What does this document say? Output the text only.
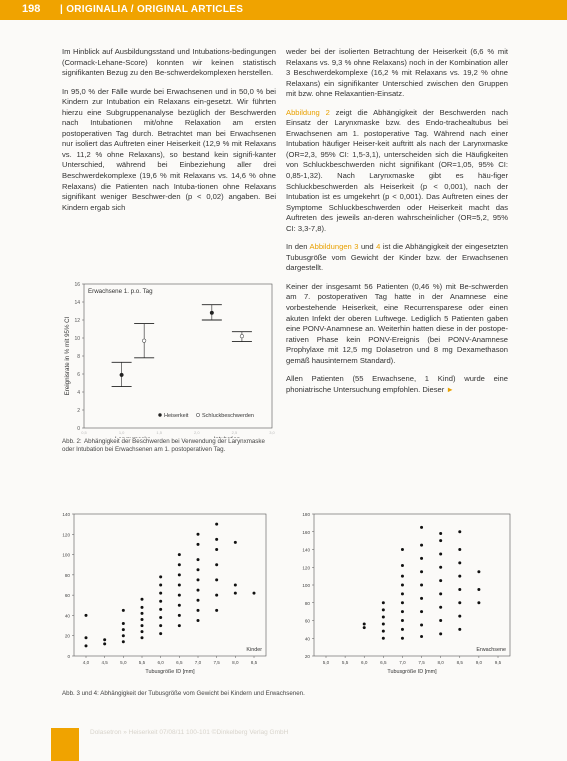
198 | ORIGINALIA / ORIGINAL ARTICLES

Im Hinblick auf Ausbildungsstand und Intubations-bedingungen (Cormack-Lehane-Score) konnten wir keinen statistisch signifikanten Bezug zu den Be-schwerdekomplexen herstellen.

In 95,0 % der Fälle wurde bei Erwachsenen und in 50,0 % bei Kindern zur Intubation ein Relaxans ein-gesetzt. Wir führten hierzu eine Subgruppenanalyse bezüglich der Beschwerden nach Intubationen mit/ohne Relaxation am ersten postoperativen Tag durch. Betrachtet man bei Erwachsenen nur isoliert das Auftreten einer Heiserkeit (12,9 % mit Relaxans vs. 11,2 % ohne Relaxans), so bestand kein signifi-kanter Unterschied, während bei Einbeziehung aller drei Beschwerdekomplexe (19,6 % mit Relaxans vs. 14,6 % ohne Relaxans) die Patienten nach Intuba-tionen ohne Relaxans signifikant weniger Beschwer-den (p < 0,02) angaben. Bei Kindern ergab sich

weder bei der isolierten Betrachtung der Heiserkeit (6,6 % mit Relaxans vs. 9,3 % ohne Relaxans) noch in der Kombination aller 3 Beschwerdekomplexe (16,2 % mit Relaxans vs. 19,2 % ohne Relaxans) ein signifikanter Unterschied zwischen den Gruppen mit bzw. ohne Relaxantien-Einsatz.

Abbildung 2 zeigt die Abhängigkeit der Beschwerden nach Einsatz der Larynxmaske bzw. des Endo-trachealtubus bei Erwachsenen am 1. postoperative Tag. Während nach einer Intubation häufiger Heiser-keit auftritt als nach der Larynxmaske (OR=2,3, 95% CI: 1,5-3,1), unterscheiden sich die Häufigkeiten von Schluckbeschwerden nicht signifikant (OR=1,05, 95% CI: 0,85-1,32). Nach Larynxmaske gibt es häu-figer Schluckbeschwerden als Heiserkeit (p < 0,001), nach der Intubation ist es umgekehrt (p < 0,001). Das Auftreten eines der Symptome Schluckbeschwerden oder Heiserkeit macht das Auftreten des jeweils an-deren wahrscheinlicher (OR=5,2, 95% CI: 3,3-7,8).

In den Abbildungen 3 und 4 ist die Abhängigkeit der eingesetzten Tubusgröße vom Gewicht der Kinder bzw. der Erwachsenen dargestellt.

Keiner der insgesamt 56 Patienten (0,46 %) mit Be-schwerden am 7. postoperativen Tag hatte in der Anamnese eine vorbestehende Heiserkeit, eine Recurrensparese oder einen akuten Infekt der oberen Luftwege. Lediglich 5 Patienten gaben eine PONV-Anamnese an. Weiterhin hatten diese in der postope-rativen Phase kein PONV-Ereignis (bei PONV-Anamnese Prophylaxe mit 12,5 mg Dolasetron und 8 mg Dexamethason gemäß hausinternem Standard).

Allen Patienten (55 Erwachsene, 1 Kind) wurde eine phoniatrische Untersuchung empfohlen. Dieser ►

Erwachsene 1. p.o. Tag
Ereignisrate in % mit 95% CI
16
14
12
10
8
6
4
2
0
0,5	1,0	1,5	2,0	2,5	3,0
Heiserkeit Schluckbeschwerden
Abb. 2: Abhängigkeit der Beschwerden bei Verwendung der Larynxmaske oder Intubation bei Erwachsenen am 1. postoperativen Tag.
140
120
100
80
60
40
20
0
4,0	4,5	5,0	5,5	6,0	6,5	7,0	7,5	8,0	8,5
Tubusgröße ID [mm]
Kinder
180
160
140
120
100
80
60
40
20
5,0	5,5	6,0	6,5	7,0	7,5	8,0	8,5	9,0	9,5
Tubusgröße ID [mm]
Erwachsene
Abb. 3 und 4: Abhängigkeit der Tubusgröße vom Gewicht bei Kindern und Erwachsenen.
Dolasetron » Heiserkeit 07/08/11 100-101 ©Dinkelberg Verlag GmbH
